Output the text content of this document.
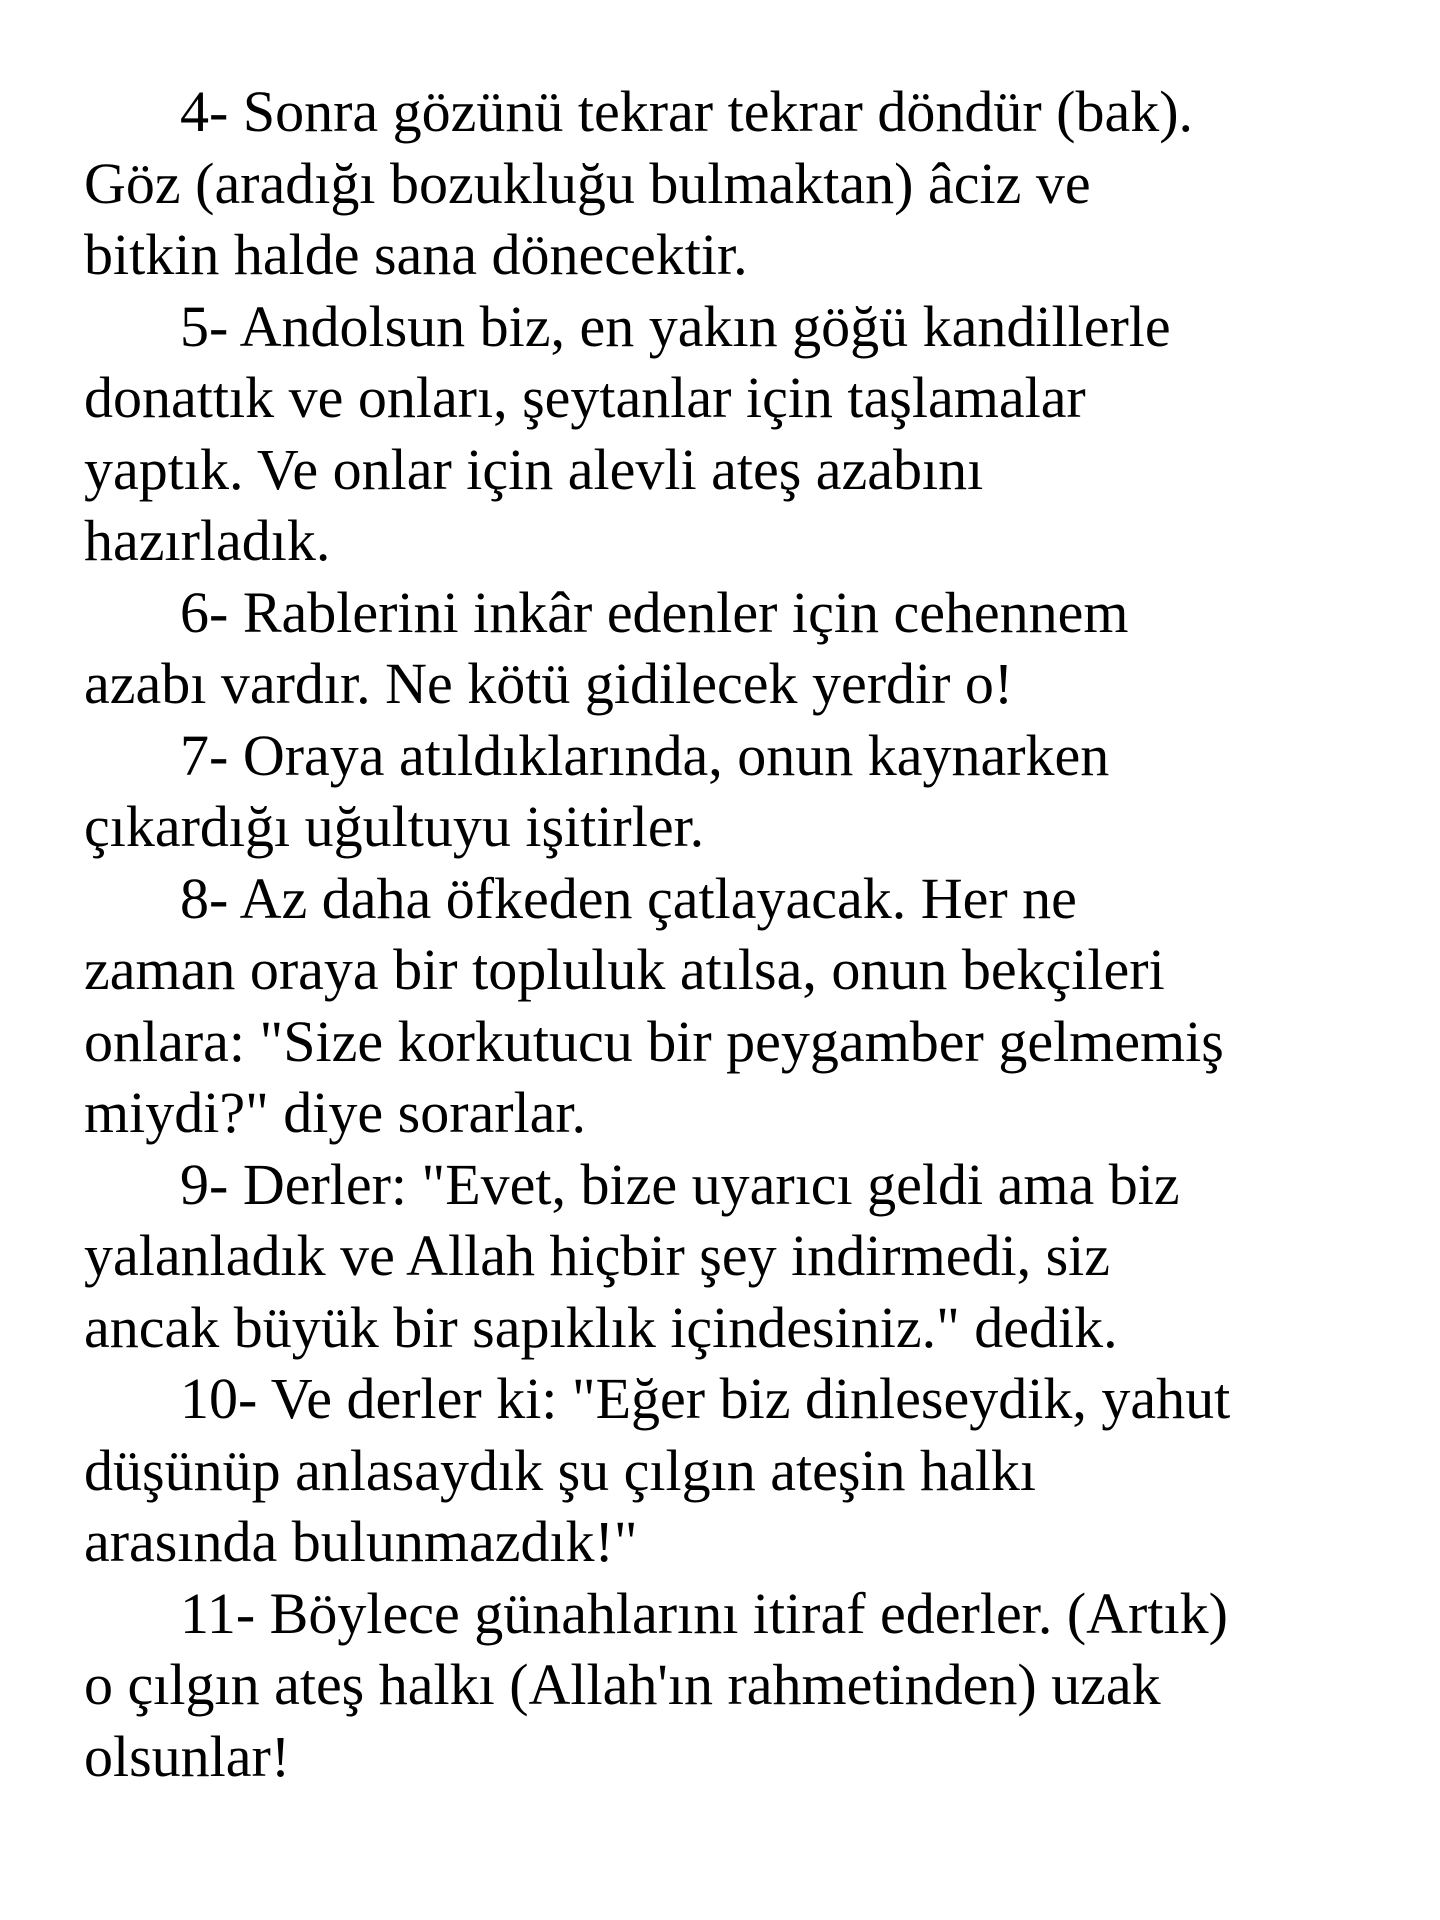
4- Sonra gözünü tekrar tekrar döndür (bak).
Göz (aradığı bozukluğu bulmaktan) âciz ve
bitkin halde sana dönecektir.

5- Andolsun biz, en yakın göğü kandillerle
donattık ve onları, şeytanlar için taşlamalar
yaptık. Ve onlar için alevli ateş azabını
hazırladık.

6- Rablerini inkâr edenler için cehennem
azabı vardır. Ne kötü gidilecek yerdir o!

7- Oraya atıldıklarında, onun kaynarken
çıkardığı uğultuyu işitirler.

8- Az daha öfkeden çatlayacak. Her ne
zaman oraya bir topluluk atılsa, onun bekçileri
onlara: "Size korkutucu bir peygamber gelmemiş
miydi?" diye sorarlar.

9- Derler: "Evet, bize uyarıcı geldi ama biz
yalanladık ve Allah hiçbir şey indirmedi, siz
ancak büyük bir sapıklık içindesiniz." dedik.

10- Ve derler ki: "Eğer biz dinleseydik, yahut
düşünüp anlasaydık şu çılgın ateşin halkı
arasında bulunmazdık!"

11- Böylece günahlarını itiraf ederler. (Artık)
o çılgın ateş halkı (Allah'ın rahmetinden) uzak
olsunlar!
